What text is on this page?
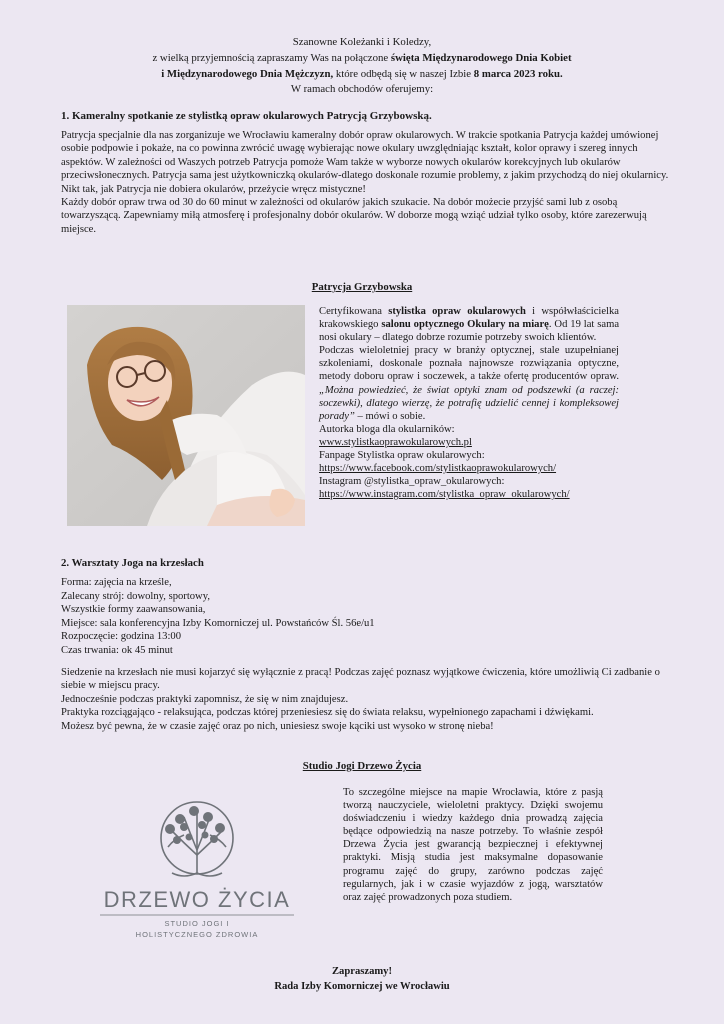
Szanowne Koleżanki i Koledzy,
z wielką przyjemnością zapraszamy Was na połączone święta Międzynarodowego Dnia Kobiet
i Międzynarodowego Dnia Mężczyzn, które odbędą się w naszej Izbie 8 marca 2023 roku.
W ramach obchodów oferujemy:
1. Kameralny spotkanie ze stylistką opraw okularowych Patrycją Grzybowską.

Patrycja specjalnie dla nas zorganizuje we Wrocławiu kameralny dobór opraw okularowych. W trakcie spotkania Patrycja każdej umówionej osobie podpowie i pokaże, na co powinna zwrócić uwagę wybierając nowe okulary uwzględniając kształt, kolor oprawy i szereg innych aspektów. W zależności od Waszych potrzeb Patrycja pomoże Wam także w wyborze nowych okularów korekcyjnych lub okularów przeciwsłonecznych. Patrycja sama jest użytkowniczką okularów-dlatego doskonale rozumie problemy, z jakim przychodzą do niej okularnicy.

Nikt tak, jak Patrycja nie dobiera okularów, przeżycie wręcz mistyczne!

Każdy dobór opraw trwa od 30 do 60 minut w zależności od okularów jakich szukacie. Na dobór możecie przyjść sami lub z osobą towarzyszącą. Zapewniamy miłą atmosferę i profesjonalny dobór okularów. W doborze mogą wziąć udział tylko osoby, które zarezerwują miejsce.

Patrycja Grzybowska

Certyfikowana stylistka opraw okularowych i współwłaścicielka krakowskiego salonu optycznego Okulary na miarę. Od 19 lat sama nosi okulary – dlatego dobrze rozumie potrzeby swoich klientów.

Podczas wieloletniej pracy w branży optycznej, stale uzupełnianej szkoleniami, doskonale poznała najnowsze rozwiązania optyczne, metody doboru opraw i soczewek, a także ofertę producentów opraw. „Można powiedzieć, że świat optyki znam od podszewki (a raczej: soczewki), dlatego wierzę, że potrafię udzielić cennej i kompleksowej porady” – mówi o sobie.

Autorka bloga dla okularników:
www.stylistkaoprawokularowych.pl
Fanpage Stylistka opraw okularowych:
https://www.facebook.com/stylistkaoprawokularowych/
Instagram @stylistka_opraw_okularowych:
https://www.instagram.com/stylistka_opraw_okularowych/
2. Warsztaty Joga na krzesłach
Forma: zajęcia na krześle,
Zalecany strój: dowolny, sportowy,
Wszystkie formy zaawansowania,
Miejsce: sala konferencyjna Izby Komorniczej ul. Powstańców Śl. 56e/u1
Rozpoczęcie: godzina 13:00
Czas trwania: ok 45 minut

Siedzenie na krzesłach nie musi kojarzyć się wyłącznie z pracą! Podczas zajęć poznasz wyjątkowe ćwiczenia, które umożliwią Ci zadbanie o siebie w miejscu pracy.

Jednocześnie podczas praktyki zapomnisz, że się w nim znajdujesz.

Praktyka rozciągająco - relaksująca, podczas której przeniesiesz się do świata relaksu, wypełnionego zapachami i dźwiękami.

Możesz być pewna, że w czasie zajęć oraz po nich, uniesiesz swoje kąciki ust wysoko w stronę nieba!

Studio Jogi Drzewo Życia
DRZEWO ŻYCIA
STUDIO JOGI I
HOLISTYCZNEGO ZDROWIA

To szczególne miejsce na mapie Wrocławia, które z pasją tworzą nauczyciele, wieloletni praktycy. Dzięki swojemu doświadczeniu i wiedzy każdego dnia prowadzą zajęcia będące odpowiedzią na nasze potrzeby. To właśnie zespół Drzewa Życia jest gwarancją bezpiecznej i efektywnej praktyki. Misją studia jest maksymalne dopasowanie programu zajęć do grupy, zarówno podczas zajęć regularnych, jak i w czasie wyjazdów z jogą, warsztatów oraz zajęć prowadzonych poza studiem.

Zapraszamy!
Rada Izby Komorniczej we Wrocławiu
